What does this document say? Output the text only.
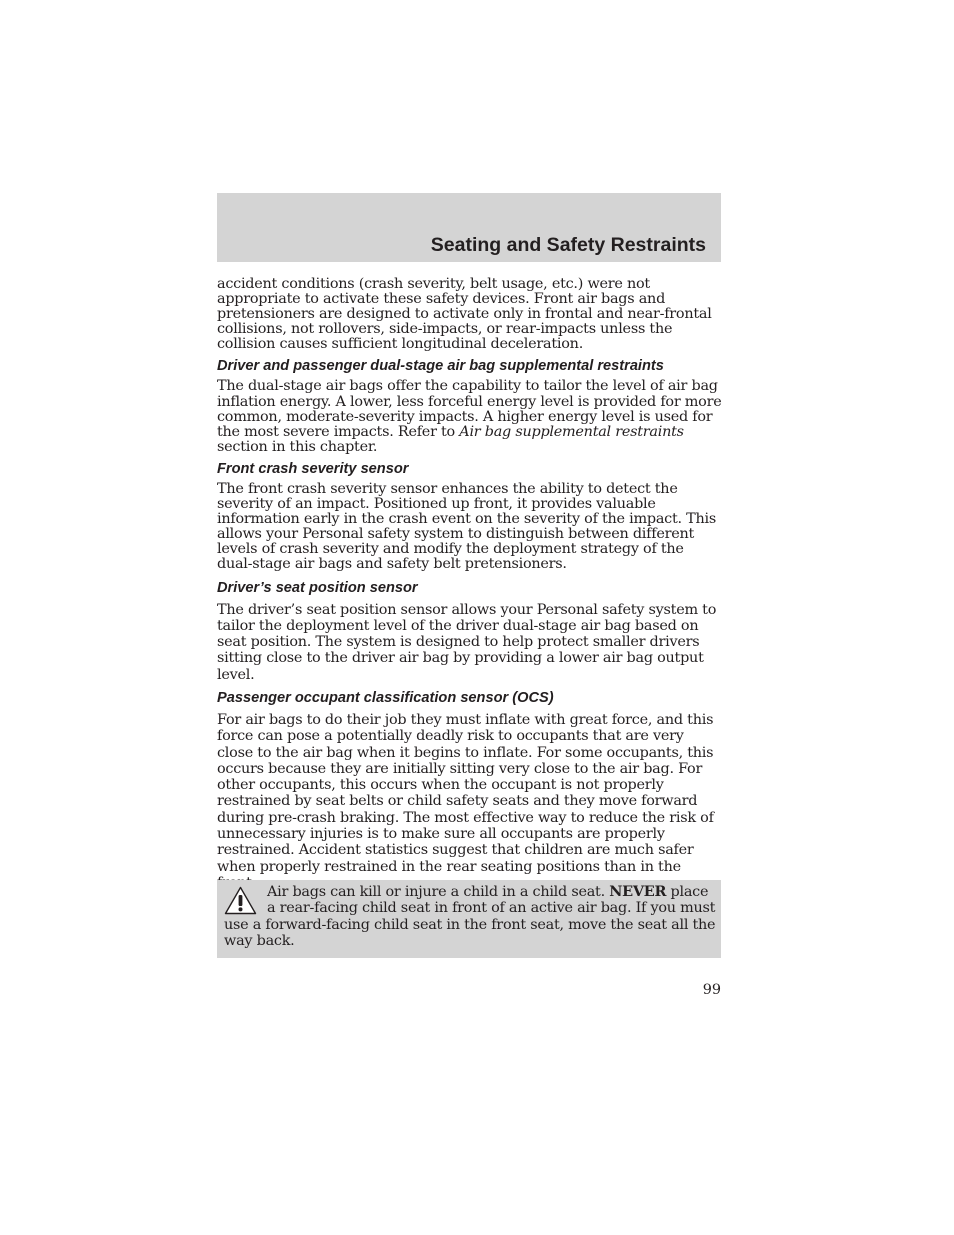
Seating and Safety Restraints

accident conditions (crash severity, belt usage, etc.) were not appropriate to activate these safety devices. Front air bags and pretensioners are designed to activate only in frontal and near-frontal collisions, not rollovers, side-impacts, or rear-impacts unless the collision causes sufficient longitudinal deceleration.

Driver and passenger dual-stage air bag supplemental restraints

The dual-stage air bags offer the capability to tailor the level of air bag inflation energy. A lower, less forceful energy level is provided for more common, moderate-severity impacts. A higher energy level is used for the most severe impacts. Refer to Air bag supplemental restraints section in this chapter.

Front crash severity sensor

The front crash severity sensor enhances the ability to detect the severity of an impact. Positioned up front, it provides valuable information early in the crash event on the severity of the impact. This allows your Personal safety system to distinguish between different levels of crash severity and modify the deployment strategy of the dual-stage air bags and safety belt pretensioners.

Driver’s seat position sensor

The driver’s seat position sensor allows your Personal safety system to tailor the deployment level of the driver dual-stage air bag based on seat position. The system is designed to help protect smaller drivers sitting close to the driver air bag by providing a lower air bag output level.

Passenger occupant classification sensor (OCS)

For air bags to do their job they must inflate with great force, and this force can pose a potentially deadly risk to occupants that are very close to the air bag when it begins to inflate. For some occupants, this occurs because they are initially sitting very close to the air bag. For other occupants, this occurs when the occupant is not properly restrained by seat belts or child safety seats and they move forward during pre-crash braking. The most effective way to reduce the risk of unnecessary injuries is to make sure all occupants are properly restrained. Accident statistics suggest that children are much safer when properly restrained in the rear seating positions than in the

Air bags can kill or injure a child in a child seat. NEVER place a rear-facing child seat in front of an active air bag. If you must use a forward-facing child seat in the front seat, move the seat all the way back.
99
